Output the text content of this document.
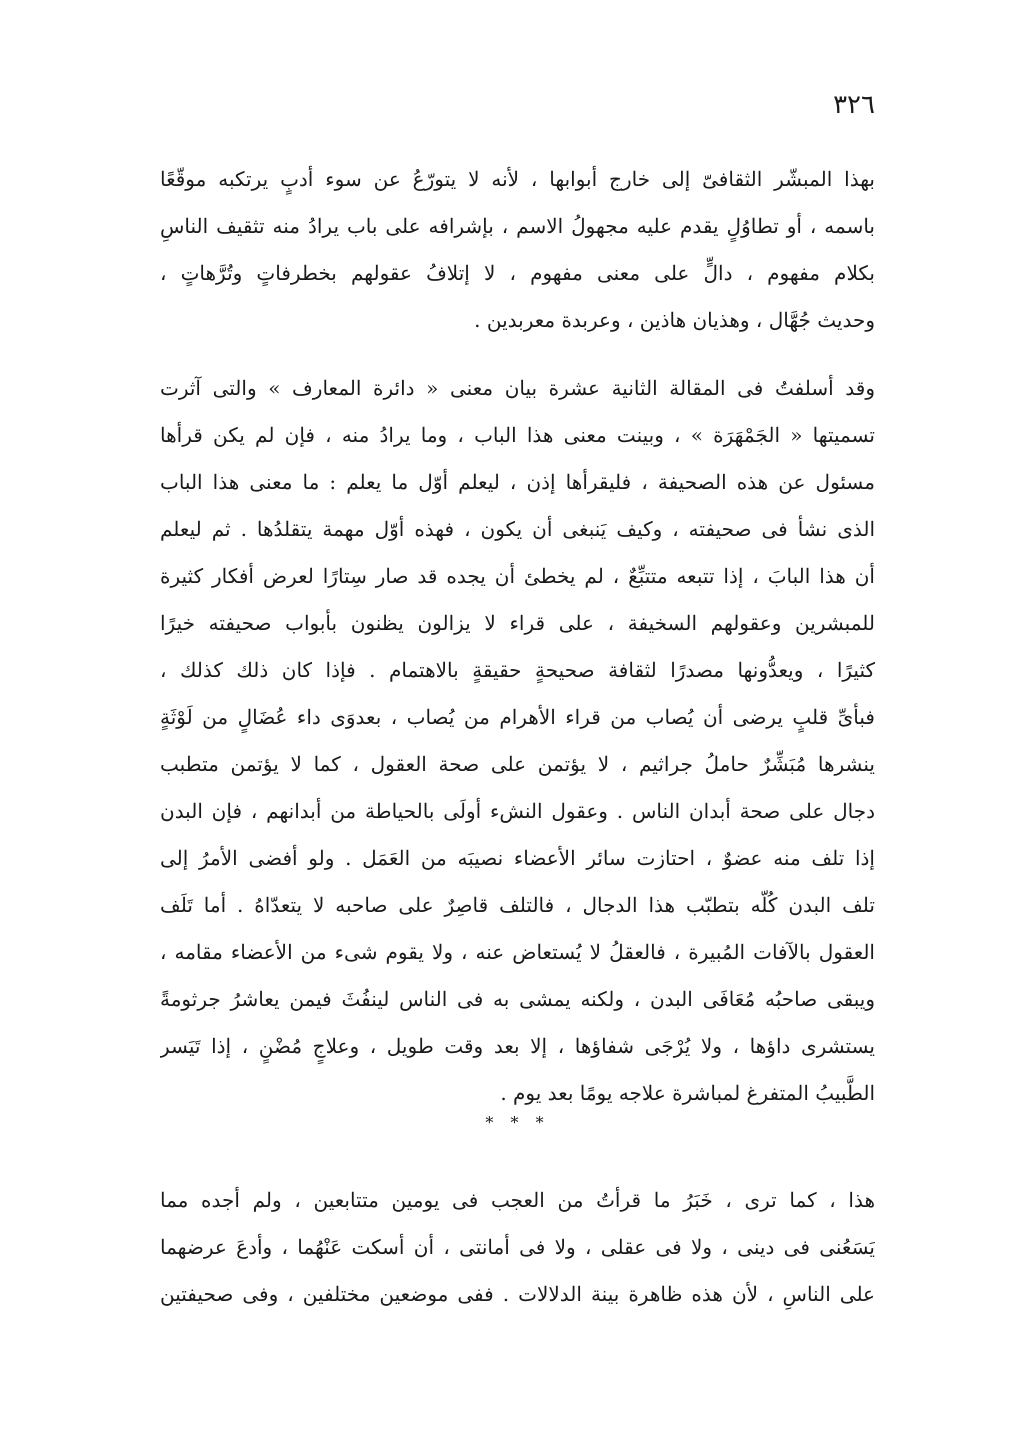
٣٢٦
بهذا المبشّر الثقافىّ إلى خارج أبوابها ، لأنه لا يتورّعُ عن سوء أدبٍ يرتكبه موقّعًا
باسمه ، أو تطاوُلٍ يقدم عليه مجهولُ الاسم ، بإشرافه على باب يرادُ منه تثقيف الناسِ
بكلام مفهوم ، دالٍّ على معنى مفهوم ، لا إتلافُ عقولهم بخطرفاتٍ وتُرَّهاتٍ ،
وحديث جُهَّال ، وهذيان هاذين ، وعربدة معربدين .
وقد أسلفتُ فى المقالة الثانية عشرة بيان معنى « دائرة المعارف » والتى آثرت
تسميتها « الجَمْهَرَة » ، وبينت معنى هذا الباب ، وما يرادُ منه ، فإن لم يكن قرأها
مسئول عن هذه الصحيفة ، فليقرأها إذن ، ليعلم أوّل ما يعلم : ما معنى هذا الباب
الذى نشأ فى صحيفته ، وكيف يَنبغى أن يكون ، فهذه أوّل مهمة يتقلدُها . ثم ليعلم
أن هذا البابَ ، إذا تتبعه متتبِّعٌ ، لم يخطئ أن يجده قد صار سِتارًا لعرض أفكار كثيرة
للمبشرين وعقولهم السخيفة ، على قراء لا يزالون يظنون بأبواب صحيفته خيرًا
كثيرًا ، ويعدُّونها مصدرًا لثقافة صحيحةٍ حقيقةٍ بالاهتمام . فإذا كان ذلك كذلك ،
فبأىِّ قلبٍ يرضى أن يُصاب من قراء الأهرام من يُصاب ، بعدوَى داء عُضَالٍ من لَوْثَةٍ
ينشرها مُبَشِّرٌ حاملُ جراثيم ، لا يؤتمن على صحة العقول ، كما لا يؤتمن متطبب
دجال على صحة أبدان الناس . وعقول النشء أولَى بالحياطة من أبدانهم ، فإن البدن
إذا تلف منه عضوٌ ، احتازت سائر الأعضاء نصيبَه من العَمَل . ولو أفضى الأمرُ إلى
تلف البدن كُلّه بتطبّب هذا الدجال ، فالتلف قاصِرٌ على صاحبه لا يتعدّاهُ . أما تَلَف
العقول بالآفات المُبيرة ، فالعقلُ لا يُستعاض عنه ، ولا يقوم شىء من الأعضاء مقامه ،
ويبقى صاحبُه مُعَافَى البدن ، ولكنه يمشى به فى الناس لينفُثَ فيمن يعاشرُ جرثومةً
يستشرى داؤها ، ولا يُرْجَى شفاؤها ، إلا بعد وقت طويل ، وعلاجٍ مُضْنٍ ، إذا تَيَسر
الطَّبيبُ المتفرغ لمباشرة علاجه يومًا بعد يوم .
* * *
هذا ، كما ترى ، خَبَرُ ما قرأتُ من العجب فى يومين متتابعين ، ولم أجده مما
يَسَعُنى فى دينى ، ولا فى عقلى ، ولا فى أمانتى ، أن أسكت عَنْهُما ، وأدعَ عرضهما
على الناسِ ، لأن هذه ظاهرة بينة الدلالات . ففى موضعين مختلفين ، وفى صحيفتين
